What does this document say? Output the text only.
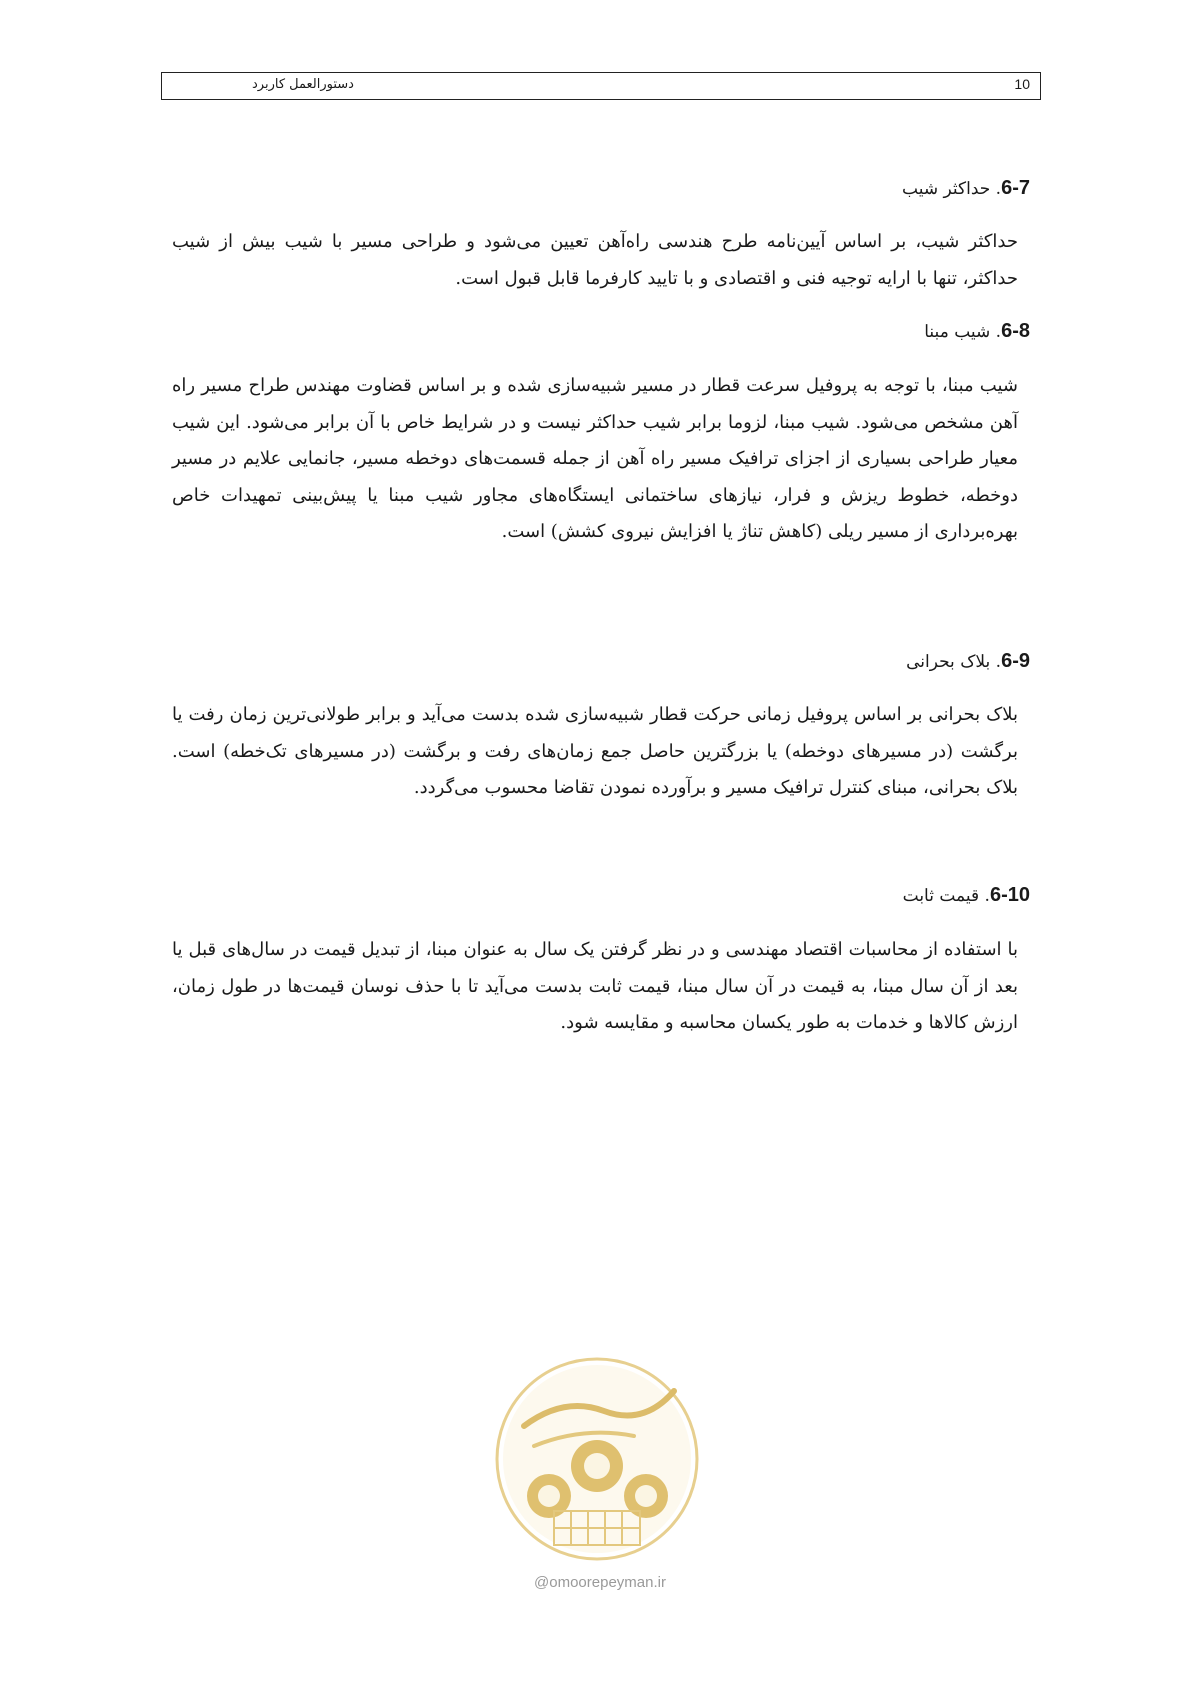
دستورالعمل کاربرد	10
6-7. حداکثر شیب
حداکثر شیب، بر اساس آیین‌نامه طرح هندسی راه‌آهن تعیین می‌شود و طراحی مسیر با شیب بیش از شیب حداکثر، تنها با ارایه توجیه فنی و اقتصادی و با تایید کارفرما قابل قبول است.
6-8. شیب مبنا
شیب مبنا، با توجه به پروفیل سرعت قطار در مسیر شبیه‌سازی شده و بر اساس قضاوت مهندس طراح مسیر راه آهن مشخص می‌شود. شیب مبنا، لزوما برابر شیب حداکثر نیست و در شرایط خاص با آن برابر می‌شود. این شیب معیار طراحی بسیاری از اجزای ترافیک مسیر راه آهن از جمله قسمت‌های دوخطه مسیر، جانمایی علایم در مسیر دوخطه، خطوط ریزش و فرار، نیازهای ساختمانی ایستگاه‌های مجاور شیب مبنا یا پیش‌بینی تمهیدات خاص بهره‌برداری از مسیر ریلی (کاهش تناژ یا افزایش نیروی کشش) است.
6-9. بلاک بحرانی
بلاک بحرانی بر اساس پروفیل زمانی حرکت قطار شبیه‌سازی شده بدست می‌آید و برابر طولانی‌ترین زمان رفت یا برگشت (در مسیرهای دوخطه) یا بزرگترین حاصل جمع زمان‌های رفت و برگشت (در مسیرهای تک‌خطه) است. بلاک بحرانی، مبنای کنترل ترافیک مسیر و برآورده نمودن تقاضا محسوب می‌گردد.
6-10. قیمت ثابت
با استفاده از محاسبات اقتصاد مهندسی و در نظر گرفتن یک سال به عنوان مبنا، از تبدیل قیمت در سال‌های قبل یا بعد از آن سال مبنا، به قیمت در آن سال مبنا، قیمت ثابت بدست می‌آید تا با حذف نوسان قیمت‌ها در طول زمان، ارزش کالاها و خدمات به طور یکسان محاسبه و مقایسه شود.
@omoorepeyman.ir
